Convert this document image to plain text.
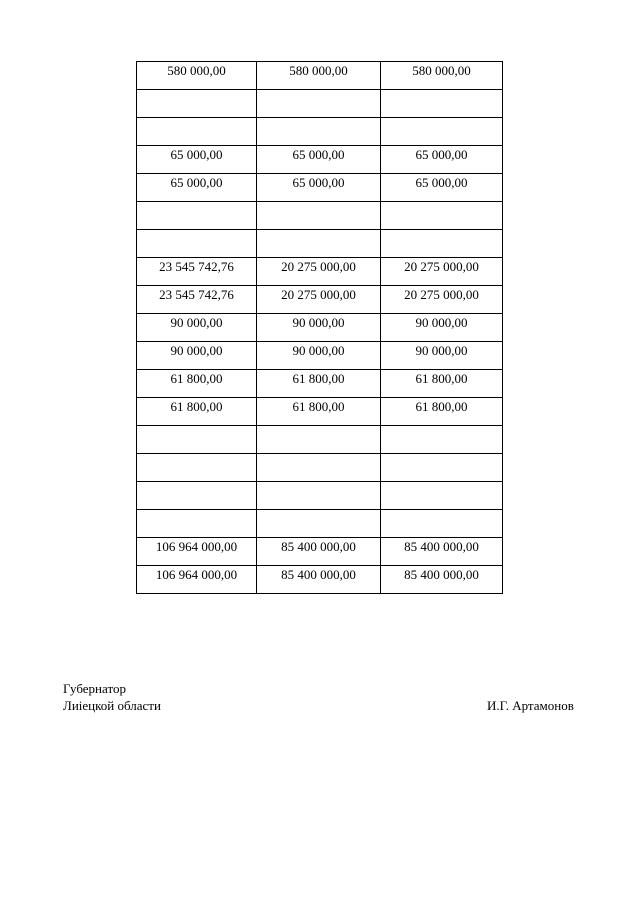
580 000,00	580 000,00	580 000,00

65 000,00	65 000,00	65 000,00
65 000,00	65 000,00	65 000,00

23 545 742,76	20 275 000,00	20 275 000,00
23 545 742,76	20 275 000,00	20 275 000,00
90 000,00	90 000,00	90 000,00
90 000,00	90 000,00	90 000,00
61 800,00	61 800,00	61 800,00
61 800,00	61 800,00	61 800,00

106 964 000,00	85 400 000,00	85 400 000,00
106 964 000,00	85 400 000,00	85 400 000,00
Губернатор
Лиіецкой области	И.Г. Артамонов
